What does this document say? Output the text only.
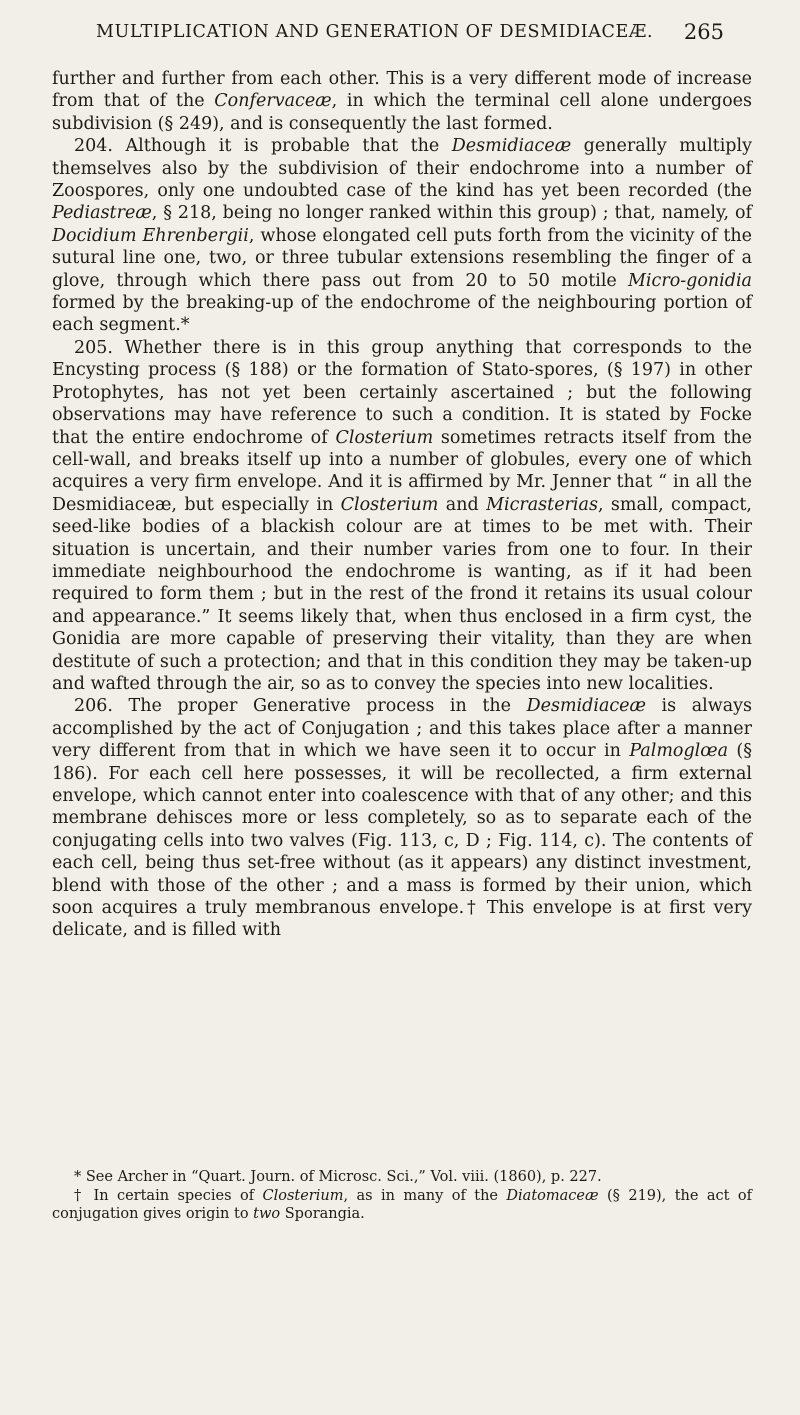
MULTIPLICATION AND GENERATION OF DESMIDIACEÆ. 265

further and further from each other. This is a very different mode of increase from that of the Confervaceæ, in which the terminal cell alone undergoes subdivision (§ 249), and is consequently the last formed.

204. Although it is probable that the Desmidiaceæ generally multiply themselves also by the subdivision of their endochrome into a number of Zoospores, only one undoubted case of the kind has yet been recorded (the Pediastreæ, § 218, being no longer ranked within this group) ; that, namely, of Docidium Ehrenbergii, whose elongated cell puts forth from the vicinity of the sutural line one, two, or three tubular extensions resembling the finger of a glove, through which there pass out from 20 to 50 motile Micro-gonidia formed by the breaking-up of the endochrome of the neighbouring portion of each segment.*

205. Whether there is in this group anything that corresponds to the Encysting process (§ 188) or the formation of Stato-spores, (§ 197) in other Protophytes, has not yet been certainly ascertained ; but the following observations may have reference to such a condition. It is stated by Focke that the entire endochrome of Closterium sometimes retracts itself from the cell-wall, and breaks itself up into a number of globules, every one of which acquires a very firm envelope. And it is affirmed by Mr. Jenner that “ in all the Desmidiaceæ, but especially in Closterium and Micrasterias, small, compact, seed-like bodies of a blackish colour are at times to be met with. Their situation is uncertain, and their number varies from one to four. In their immediate neighbourhood the endochrome is wanting, as if it had been required to form them ; but in the rest of the frond it retains its usual colour and appearance.” It seems likely that, when thus enclosed in a firm cyst, the Gonidia are more capable of preserving their vitality, than they are when destitute of such a protection; and that in this condition they may be taken-up and wafted through the air, so as to convey the species into new localities.

206. The proper Generative process in the Desmidiaceæ is always accomplished by the act of Conjugation ; and this takes place after a manner very different from that in which we have seen it to occur in Palmoglœa (§ 186). For each cell here possesses, it will be recollected, a firm external envelope, which cannot enter into coalescence with that of any other; and this membrane dehisces more or less completely, so as to separate each of the conjugating cells into two valves (Fig. 113, c, D ; Fig. 114, c). The contents of each cell, being thus set-free without (as it appears) any distinct investment, blend with those of the other ; and a mass is formed by their union, which soon acquires a truly membranous envelope.† This envelope is at first very delicate, and is filled with

* See Archer in “Quart. Journ. of Microsc. Sci.,” Vol. viii. (1860), p. 227.

† In certain species of Closterium, as in many of the Diatomaceæ (§ 219), the act of conjugation gives origin to two Sporangia.
